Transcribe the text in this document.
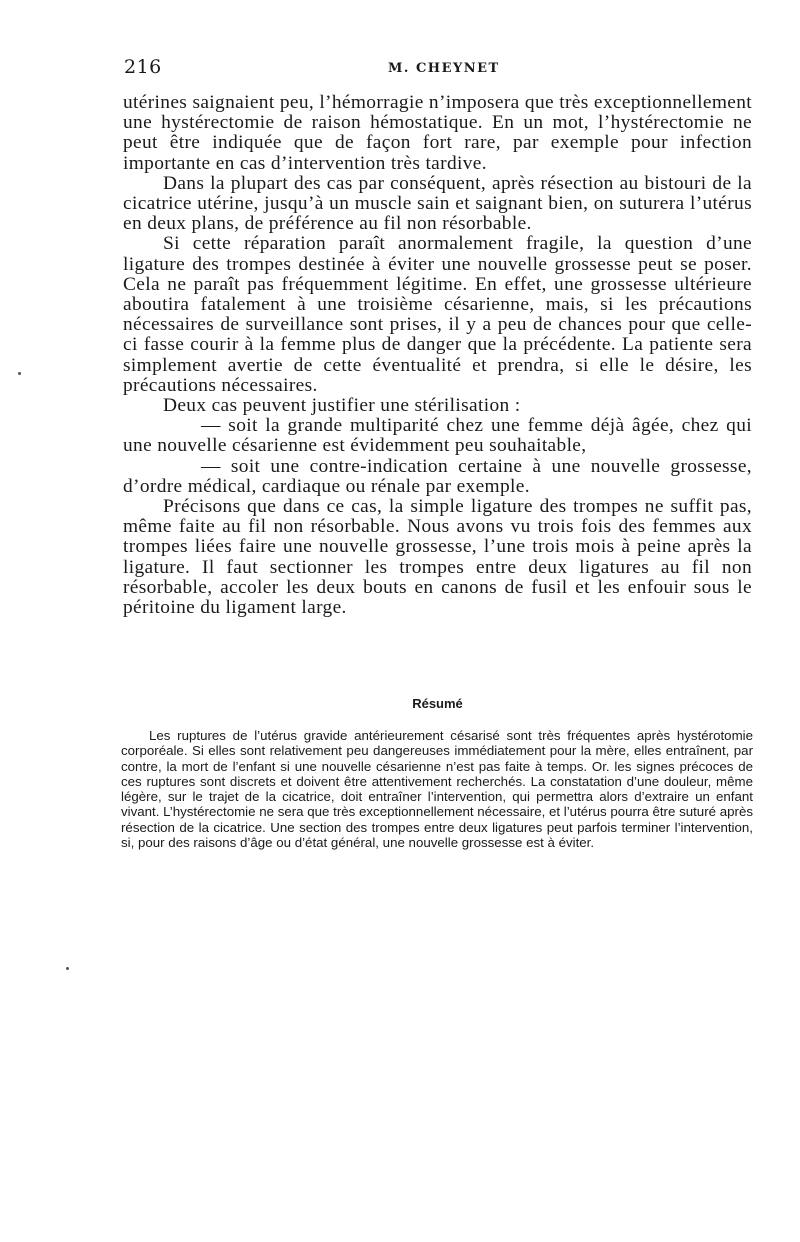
216	M. CHEYNET

utérines saignaient peu, l’hémorragie n’imposera que très exceptionnellement une hystérectomie de raison hémostatique. En un mot, l’hystérectomie ne peut être indiquée que de façon fort rare, par exemple pour infection importante en cas d’intervention très tardive.

Dans la plupart des cas par conséquent, après résection au bistouri de la cicatrice utérine, jusqu’à un muscle sain et saignant bien, on suturera l’utérus en deux plans, de préférence au fil non résorbable.

Si cette réparation paraît anormalement fragile, la question d’une ligature des trompes destinée à éviter une nouvelle grossesse peut se poser. Cela ne paraît pas fréquemment légitime. En effet, une grossesse ultérieure aboutira fatalement à une troisième césarienne, mais, si les précautions nécessaires de surveillance sont prises, il y a peu de chances pour que celle-ci fasse courir à la femme plus de danger que la précédente. La patiente sera simplement avertie de cette éventualité et prendra, si elle le désire, les précautions nécessaires.

Deux cas peuvent justifier une stérilisation :

— soit la grande multiparité chez une femme déjà âgée, chez qui une nouvelle césarienne est évidemment peu souhaitable,

— soit une contre-indication certaine à une nouvelle grossesse, d’ordre médical, cardiaque ou rénale par exemple.

Précisons que dans ce cas, la simple ligature des trompes ne suffit pas, même faite au fil non résorbable. Nous avons vu trois fois des femmes aux trompes liées faire une nouvelle grossesse, l’une trois mois à peine après la ligature. Il faut sectionner les trompes entre deux ligatures au fil non résorbable, accoler les deux bouts en canons de fusil et les enfouir sous le péritoine du ligament large.

Résumé

Les ruptures de l’utérus gravide antérieurement césarisé sont très fréquentes après hystérotomie corporéale. Si elles sont relativement peu dangereuses immédiatement pour la mère, elles entraînent, par contre, la mort de l’enfant si une nouvelle césarienne n’est pas faite à temps. Or. les signes précoces de ces ruptures sont discrets et doivent être attentivement recherchés. La constatation d’une douleur, même légère, sur le trajet de la cicatrice, doit entraîner l’intervention, qui permettra alors d’extraire un enfant vivant. L’hystérectomie ne sera que très exceptionnellement nécessaire, et l’utérus pourra être suturé après résection de la cicatrice. Une section des trompes entre deux ligatures peut parfois terminer l’intervention, si, pour des raisons d’âge ou d’état général, une nouvelle grossesse est à éviter.
